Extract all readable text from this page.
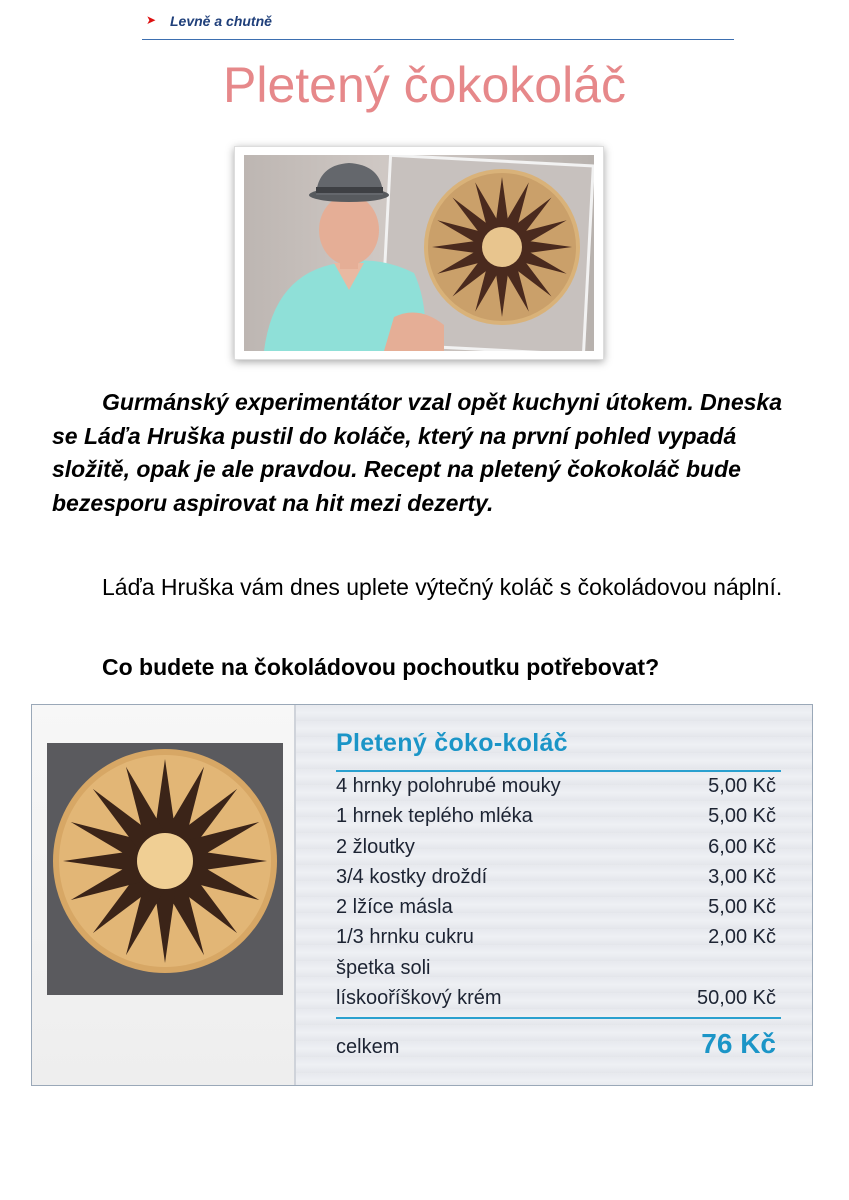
➤ Levně a chutně
Pletený čokokoláč
Gurmánský experimentátor vzal opět kuchyni útokem. Dneska se Láďa Hruška pustil do koláče, který na první pohled vypadá složitě, opak je ale pravdou. Recept na pletený čokokoláč bude bezesporu aspirovat na hit mezi dezerty.
Láďa Hruška vám dnes uplete výtečný koláč s čokoládovou náplní.
Co budete na čokoládovou pochoutku potřebovat?
Pletený čoko-koláč
4 hrnky polohrubé mouky	5,00 Kč
1 hrnek teplého mléka	5,00 Kč
2 žloutky	6,00 Kč
3/4 kostky droždí	3,00 Kč
2 lžíce másla	5,00 Kč
1/3 hrnku cukru	2,00 Kč
špetka soli
lískooříškový krém	50,00 Kč
celkem	76 Kč
